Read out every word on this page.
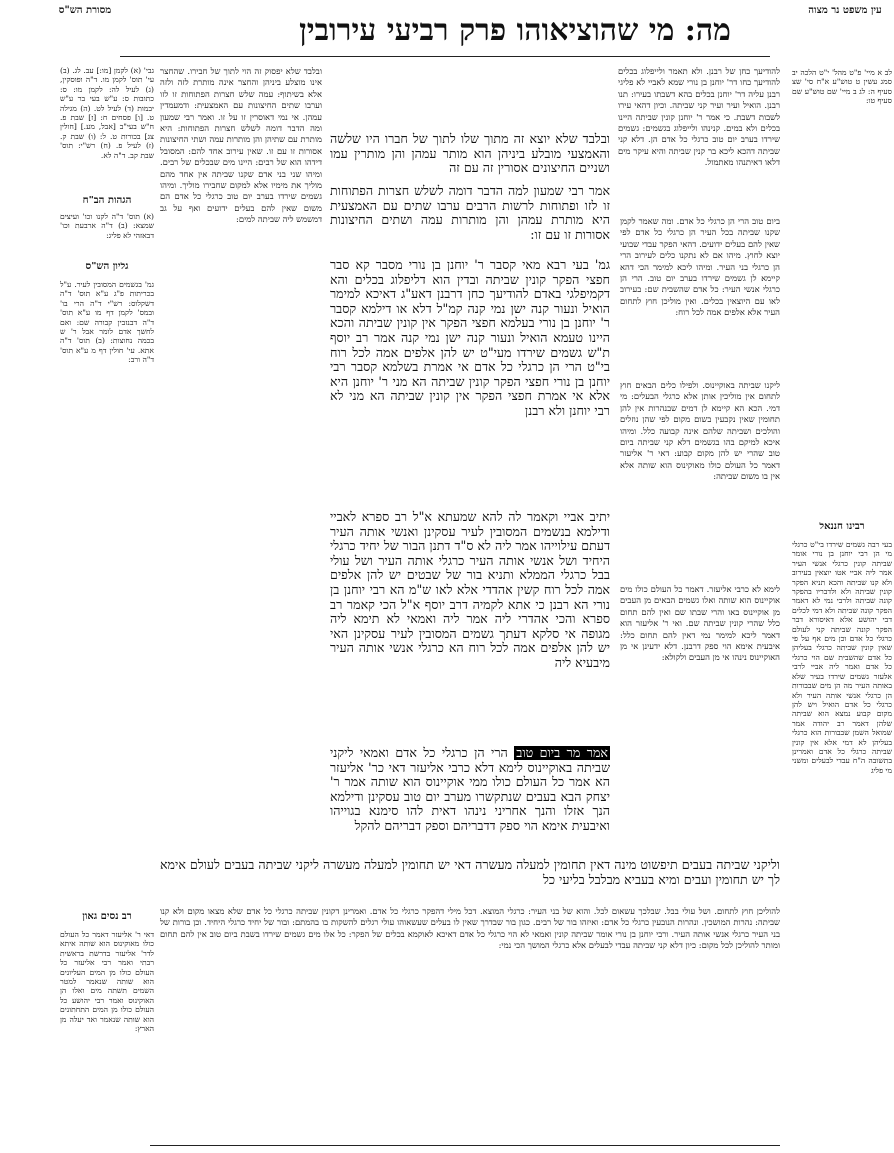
עין משפט נר מצוה
מה: מי שהוציאוהו פרק רביעי עירובין
מסורת הש"ס
לב א מיי' פ"ט מהל' י"ט הלכה יב סמג עשין ט טוש"ע א"ח סי' שצ סעיף ה: לג ב מיי' שם טוש"ע שם סעיף טו:
רבינו חננאל
בעי רבה גשמים שירדו בי"ט כרגלי מי הן רבי יוחנן בן נורי אומר שביתה קונין כרגלי אנשי העיר אמר ליה אביי אטו יוצאין בעירוב ולא קנו שביתה והכא תניא הפקר קונין שביתה ולא ולדבריו בהפקר קונה שביתה ולרבי נמי לא דאמר הפקר קונה שביתה ולא דמי לכלים דבי יהושע אלא דאיסורא דבר הפקר קונה שביתה קני לעולם כרגלי כל אדם וכן מים אף על פי שאין קונין שביתה כרגלי בעליהן כל אדם שהשבית שם הוי כרגלי כל אדם ואמר ליה אביי לרבי אלעזר גשמים שירדו בעיר שלא באותה העיר מה הן מים שבבורות הן כרגלי אנשי אותה העיר ולא כרגלי כל אדם הואיל ויש להן מקום קבוע נמצא הוא שביתה שלהן דאמר רב יהודה אמר שמואל השמן שבבורות הוא כרגלי בעליהן לא דמי אלא אין קונין שביתה כרגלי כל אדם ואמרינן בתשובה ה"ח עבדי לבעלים ומשני מי פליג
להודיעך כחן של רבנן. ולא תאמר ולייפלוג בכלים להודיעך כחו דר' יוחנן בן נורי שמא לאביי לא פליגי רבנן עליה דר' יוחנן בכלים בהא דשבתו בעירו: תנו רבנן. הואיל ועיר ועיר קני שביתה. וכיון דהאי עירו לשבות דשבת. כי אמר ר' יוחנן קונין שביתה היינו בכלים ולא במים. קנינהו ולייפלוג בגשמים: גשמים שירדו בערב יום טוב כרגלי כל אדם הן. דלא קני שביתה דהכא ליכא בר קנין שביתה והיא עיקר מים דלאו דאיתנהו מאתמול.
ביום טוב הרי הן כרגלי כל אדם. ומה שאמר לקמן שקנו שביתה בכל העיר הן כרגלי כל אדם לפי שאין להם בעלים ידועים. דהאי הפקר עבדי שבועי יוצא לחוץ. מיהו אם לא נתקנו כלים לעירוב הרי הן כרגלי בני העיר. ומיהו ליכא למימר הכי דהא קיימא לן גשמים שירדו בערב יום טוב. הרי הן כרגלי אנשי העיר: כל אדם שהשבית שם: בעירוב לאו עם היוצאין בכלים. ואין מוליכן חוץ לתחום העיר אלא אלפים אמה לכל רוח:
ליקנו שביתה באוקיינוס. ולפילו כלים הבאים חוץ לתחום אין מוליכין אותן אלא כרגלי הבעלים: מי דמי. הכא הא קיימא לן דמים שבנהרות אין להן תחומין שאין נקבעין בשום מקום לפי שהן נוזלים והולכים ושביתה שלהם אינה קבועה כלל. ומיהו איכא למיקם בהו בגשמים דלא קני שביתה ביום טוב שהרי יש להן מקום קבוע: דאי ר' אליעזר דאמר כל העולם כולו מאוקינוס הוא שותה אלא אין בו משום שביתה:
לימא לא כרבי אליעזר. דאמר כל העולם כולו מים אוקיינוס הוא שותה ואלו גשמים הבאים מן העבים מן אוקיינוס באו והרי שבתו שם ואין להם תחום כלל שהרי קונין שביתה שם. ואי ר' אליעזר הוא דאמר ליכא למימר נמי דאין להם תחום כלל: איבעית אימא הוי ספק דרבנן. דלא ידעינן אי מן האוקיינוס נינהו אי מן העבים ולקולא:
ובלבד שלא יוצא זה מתוך שלו לתוך של חברו היו שלשה והאמצעי מובלע ביניהן הוא מותר עמהן והן מותרין עמו ושניים החיצונים אסורין זה עם זה
אמר רבי שמעון למה הדבר דומה לשלש חצרות הפתוחות זו לזו ופתוחות לרשות הרבים ערבו שתים עם האמצעית היא מותרת עמהן והן מותרות עמה ושתים החיצונות אסורות זו עם זו:
גמ' בעי רבא מאי קסבר ר' יוחנן בן נורי מסבר קא סבר חפצי הפקר קונין שביתה ובדין הוא דליפלוג בכלים והא דקמיפלגי באדם להודיעך כחן דרבנן דאע"ג דאיכא למימר הואיל ונעור קנה ישן נמי קנה קמ"ל דלא או דילמא קסבר ר' יוחנן בן נורי בעלמא חפצי הפקר אין קונין שביתה והכא היינו טעמא הואיל ונעור קנה ישן נמי קנה אמר רב יוסף ת"ש גשמים שירדו מעי"ט יש להן אלפים אמה לכל רוח בי"ט הרי הן כרגלי כל אדם אי אמרת בשלמא קסבר רבי יוחנן בן נורי חפצי הפקר קונין שביתה הא מני ר' יוחנן היא אלא אי אמרת חפצי הפקר אין קונין שביתה הא מני לא רבי יוחנן ולא רבנן
יתיב אביי וקאמר לה להא שמעתא א"ל רב ספרא לאביי ודילמא בנשמים המסובין לעיר עסקינן ואנשי אותה העיר דעתם עילוייהו אמר ליה לא ס"ד דתנן הבור של יחיד כרגלי היחיד ושל אנשי אותה העיר כרגלי אותה העיר ושל עולי בבל כרגלי הממלא ותניא בור של שבטים יש להן אלפים אמה לכל רוח קשין אהדדי אלא לאו ש"מ הא רבי יוחנן בן נורי הא רבנן כי אתא לקמיה דרב יוסף א"ל הכי קאמר רב ספרא והכי אהדרי ליה אמר ליה ואמאי לא תימא ליה מגופה אי סלקא דעתך גשמים המסובין לעיר עסקינן האי יש להן אלפים אמה לכל רוח הא כרגלי אנשי אותה העיר מיבעיא ליה
אמר מר ביום טוב הרי הן כרגלי כל אדם ואמאי ליקני שביתה באוקיינוס לימא דלא כרבי אליעזר דאי כר' אליעזר הא אמר כל העולם כולו ממי אוקיינוס הוא שותה אמר ר' יצחק הבא בעבים שנתקשרו מערב יום טוב עסקינן ודילמא הנך אזלו והנך אחריני נינהו דאית להו סימנא בגוייהו ואיבעית אימא הוי ספק דדבריהם וספק דבריהם להקל
ובלבד שלא יפסוק זה הוי לתוך של חבירו. שהחצר אינו מוצלע ביניהן והחצר אינה מותרת לזה ולזה אלא בשיתוף: עמה שלש חצרות הפתוחות זו לזו וערבו שתים החיצונות עם האמצעית: ודמעמדין עמהן. אי נמי דאוסרין זו על זו. ואמר רבי שמעון ומה הדבר דומה לשלש חצרות הפתוחות: היא מותרת עם שתיהן והן מותרות עמה ושתי החיצונות אסורות זו עם זו. שאין עירוב אחד להם: המסובל דידהו הוא של רבים: היינו מים שבכלים של רבים. ומיהו שני בני אדם שקנו שביתה אין אחד מהם מוליך את מימיו אלא למקום שחבירו מוליך. ומיהו גשמים שירדו בערב יום טוב כרגלי כל אדם הם משום שאין להם בעלים ידועים ואף על גב דמשמש ליה שביתה למים:
וליקני שביתה בעבים תיפשוט מינה דאין תחומין למעלה מעשרה דאי יש תחומין למעלה מעשרה ליקני שביתה בעבים לעולם אימא לך יש תחומין ועבים ומיא בעביא מבלבל בליעי כל
להוליכן חוץ לתחום. ושל עולי בבל. שבלכך עשאום לכל. והוא של בני העיר: כרגלי המוצא. דכל מילי דהפקר כרגלי כל אדם. ואמרינן דקונין שביתה כרגלי כל אדם שלא מצאו מקום ולא קנו שביתה: נהרות המושכין. ונהרות הנובעין כרגלי כל אדם: ואיזהו בור של רבים. כגון בור שבדרך שאין לו בעלים שעשאוהו עולי רגלים להשקות בו בהמתם: ובור של יחיד כרגלי היחיד. וכן בורות של בני העיר כרגלי אנשי אותה העיר. ורבי יוחנן בן נורי אומר שביתה קונין ואמאי לא הוי כרגלי כל אדם דאיכא לאוקמא בכלים של הפקר: כל אלו מים גשמים שירדו בשבת ביום טוב אין להם תחום ומותר להוליכן לכל מקום: כיון דלא קני שביתה עבדי לבעלים אלא כרגלי המושך הכי נמי:
גבי' (א) לקמן [מו:] עב. לג. (ב) עי' תוס' לקמן מו. ד"ה ופוסקין, (ג) לעיל לה: לקמן מו: ס: כתובות ס: ע"ש בעי בר ע"ש יבמות (ד) לעיל לט. (ה) מגילה ט. [ו] פסחים ח: [ז] שבת פ. ח"ש בעי"ב [אבל, מע.] [חולין צג] בכורות ט. ל: (ו) שבת ק. (ז) לעיל פ. (ח) רש"י: תוס' שבת קב. ד"ה לא.
הגהות הב"ח
(א) תוס' ד"ה לקנו וכו' ועיצים שמצא: (ב) ד"ה ארבעת וכו' דבאזהי לא פליג:
גליון הש"ס
גמ' בגשמים המסובין לעיר. ע"ל בכריתות פ"ג ע"א תוס' ד"ה דשקלוס: רש"י ד"ה הרי בו' ובמס' לקמן דף מו ע"א תוס' ד"ה דבנזבין קבורה שם: ואם לחשך אדם לומר אבל ר' ש בכמה נחוצות: (ב) תוס' ד"ה אתא. עי' חולין דף מ ע"א תוס' ד"ה ורב:
רב נסים גאון
דאי ר' אליעזר דאמר כל העולם כולו מאוקינוס הוא שותה איתא לדר' אליעזר בדרשת בראשית רבתי ואמר רבי אליעזר כל העולם כולו מן המים העליונים הוא שותה שנאמר למטר השמים תשתה מים ואלו הן האוקינוס ואמר רבי יהושע כל העולם כולו מן המים התחתונים הוא שותה שנאמר ואד יעלה מן הארץ:
